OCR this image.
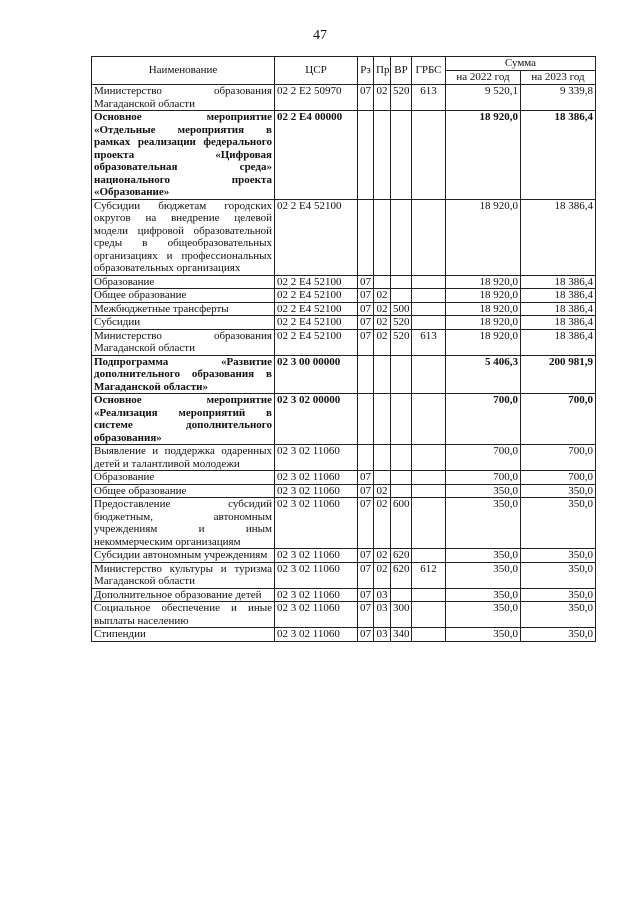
47
Наименование	ЦСР	Рз	Пр	ВР	ГРБС	Сумма	
						на 2022 год	на 2023 год
Министерство образования Магаданской области	02 2 Е2 50970	07	02	520	613	9 520,1	9 339,8
Основное мероприятие «Отдельные мероприятия в рамках реализации федерального проекта «Цифровая образовательная среда» национального проекта «Образование»	02 2 Е4 00000					18 920,0	18 386,4
Субсидии бюджетам городских округов на внедрение целевой модели цифровой образовательной среды в общеобразовательных организациях и профессиональных образовательных организациях	02 2 Е4 52100					18 920,0	18 386,4
Образование	02 2 Е4 52100	07				18 920,0	18 386,4
Общее образование	02 2 Е4 52100	07	02			18 920,0	18 386,4
Межбюджетные трансферты	02 2 Е4 52100	07	02	500		18 920,0	18 386,4
Субсидии	02 2 Е4 52100	07	02	520		18 920,0	18 386,4
Министерство образования Магаданской области	02 2 Е4 52100	07	02	520	613	18 920,0	18 386,4
Подпрограмма «Развитие дополнительного образования в Магаданской области»	02 3 00 00000					5 406,3	200 981,9
Основное мероприятие «Реализация мероприятий в системе дополнительного образования»	02 3 02 00000					700,0	700,0
Выявление и поддержка одаренных детей и талантливой молодежи	02 3 02 11060					700,0	700,0
Образование	02 3 02 11060	07				700,0	700,0
Общее образование	02 3 02 11060	07	02			350,0	350,0
Предоставление субсидий бюджетным, автономным учреждениям и иным некоммерческим организациям	02 3 02 11060	07	02	600		350,0	350,0
Субсидии автономным учреждениям	02 3 02 11060	07	02	620		350,0	350,0
Министерство культуры и туризма Магаданской области	02 3 02 11060	07	02	620	612	350,0	350,0
Дополнительное образование детей	02 3 02 11060	07	03			350,0	350,0
Социальное обеспечение и иные выплаты населению	02 3 02 11060	07	03	300		350,0	350,0
Стипендии	02 3 02 11060	07	03	340		350,0	350,0
